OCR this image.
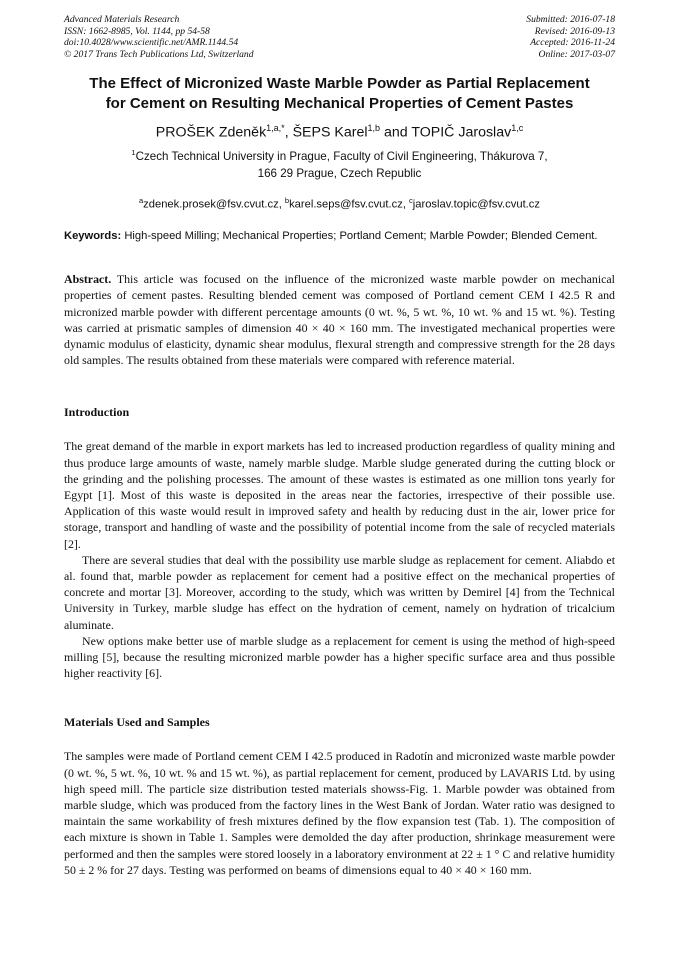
Advanced Materials Research
ISSN: 1662-8985, Vol. 1144, pp 54-58
doi:10.4028/www.scientific.net/AMR.1144.54
© 2017 Trans Tech Publications Ltd, Switzerland
Submitted: 2016-07-18
Revised: 2016-09-13
Accepted: 2016-11-24
Online: 2017-03-07
The Effect of Micronized Waste Marble Powder as Partial Replacement
for Cement on Resulting Mechanical Properties of Cement Pastes
PROŠEK Zdeněk$^{1,a,*}$, ŠEPS Karel$^{1,b}$ and TOPIČ Jaroslav$^{1,c}$
$^1$Czech Technical University in Prague, Faculty of Civil Engineering, Thákurova 7,
166 29 Prague, Czech Republic
$^a$zdenek.prosek@fsv.cvut.cz, $^b$karel.seps@fsv.cvut.cz, $^c$jaroslav.topic@fsv.cvut.cz
Keywords: High-speed Milling; Mechanical Properties; Portland Cement; Marble Powder; Blended Cement.

Abstract. This article was focused on the influence of the micronized waste marble powder on mechanical properties of cement pastes. Resulting blended cement was composed of Portland cement CEM I 42.5 R and micronized marble powder with different percentage amounts (0 wt. %, 5 wt. %, 10 wt. % and 15 wt. %). Testing was carried at prismatic samples of dimension 40 × 40 × 160 mm. The investigated mechanical properties were dynamic modulus of elasticity, dynamic shear modulus, flexural strength and compressive strength for the 28 days old samples. The results obtained from these materials were compared with reference material.

Introduction

The great demand of the marble in export markets has led to increased production regardless of quality mining and thus produce large amounts of waste, namely marble sludge. Marble sludge generated during the cutting block or the grinding and the polishing processes. The amount of these wastes is estimated as one million tons yearly for Egypt [1]. Most of this waste is deposited in the areas near the factories, irrespective of their possible use. Application of this waste would result in improved safety and health by reducing dust in the air, lower price for storage, transport and handling of waste and the possibility of potential income from the sale of recycled materials [2].

There are several studies that deal with the possibility use marble sludge as replacement for cement. Aliabdo et al. found that, marble powder as replacement for cement had a positive effect on the mechanical properties of concrete and mortar [3]. Moreover, according to the study, which was written by Demirel [4] from the Technical University in Turkey, marble sludge has effect on the hydration of cement, namely on hydration of tricalcium aluminate.

New options make better use of marble sludge as a replacement for cement is using the method of high-speed milling [5], because the resulting micronized marble powder has a higher specific surface area and thus possible higher reactivity [6].

Materials Used and Samples

The samples were made of Portland cement CEM I 42.5 produced in Radotín and micronized waste marble powder (0 wt. %, 5 wt. %, 10 wt. % and 15 wt. %), as partial replacement for cement, produced by LAVARIS Ltd. by using high speed mill. The particle size distribution tested materials showss-Fig. 1. Marble powder was obtained from marble sludge, which was produced from the factory lines in the West Bank of Jordan. Water ratio was designed to maintain the same workability of fresh mixtures defined by the flow expansion test (Tab. 1). The composition of each mixture is shown in Table 1. Samples were demolded the day after production, shrinkage measurement were performed and then the samples were stored loosely in a laboratory environment at 22 ± 1 ° C and relative humidity 50 ± 2 % for 27 days. Testing was performed on beams of dimensions equal to 40 × 40 × 160 mm.
